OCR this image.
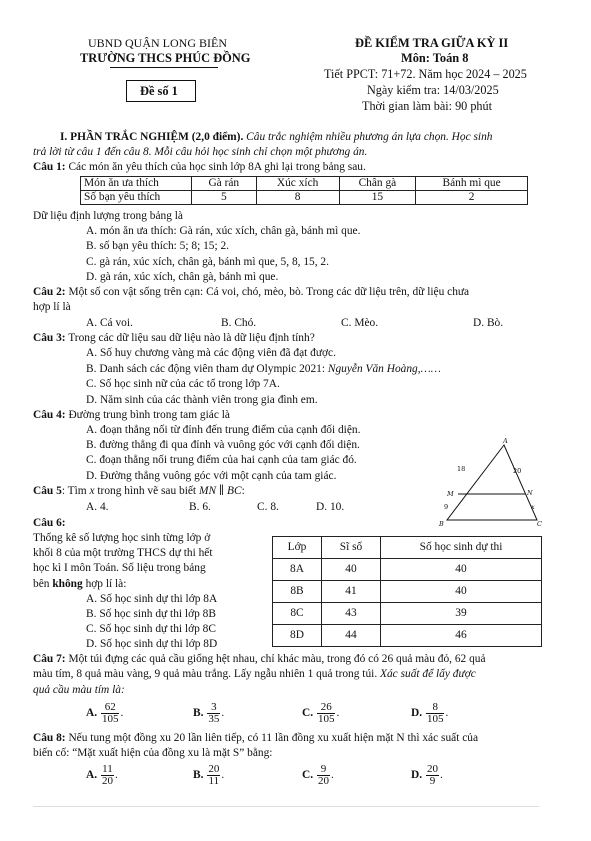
UBND QUẬN LONG BIÊN
TRƯỜNG THCS PHÚC ĐỒNG
Đề số 1
ĐỀ KIỂM TRA GIỮA KỲ II
Môn: Toán 8
Tiết PPCT: 71+72. Năm học 2024 – 2025
Ngày kiểm tra: 14/03/2025
Thời gian làm bài: 90 phút
I. PHẦN TRẮC NGHIỆM (2,0 điểm). Câu trắc nghiệm nhiều phương án lựa chọn. Học sinh
trả lời từ câu 1 đến câu 8. Mỗi câu hỏi học sinh chỉ chọn một phương án.
Câu 1: Các món ăn yêu thích của học sinh lớp 8A ghi lại trong bảng sau.
Món ăn ưa thích	Gà rán	Xúc xích	Chân gà	Bánh mì que
Số bạn yêu thích	5	8	15	2
Dữ liệu định lượng trong bảng là
A. món ăn ưa thích: Gà rán, xúc xích, chân gà, bánh mì que.
B. số bạn yêu thích: 5; 8; 15; 2.
C. gà rán, xúc xích, chân gà, bánh mì que, 5, 8, 15, 2.
D. gà rán, xúc xích, chân gà, bánh mì que.
Câu 2: Một số con vật sống trên cạn: Cá voi, chó, mèo, bò. Trong các dữ liệu trên, dữ liệu chưa
hợp lí là
A. Cá voi.	B. Chó.	C. Mèo.	D. Bò.
Câu 3: Trong các dữ liệu sau dữ liệu nào là dữ liệu định tính?
A. Số huy chương vàng mà các động viên đã đạt được.
B. Danh sách các động viên tham dự Olympic 2021: Nguyễn Văn Hoàng,……
C. Số học sinh nữ của các tổ trong lớp 7A.
D. Năm sinh của các thành viên trong gia đình em.
Câu 4: Đường trung bình trong tam giác là
A. đoạn thẳng nối từ đỉnh đến trung điểm của cạnh đối diện.
B. đường thẳng đi qua đỉnh và vuông góc với cạnh đối diện.
C. đoạn thẳng nối trung điểm của hai cạnh của tam giác đó.
D. Đường thẳng vuông góc với một cạnh của tam giác.
Câu 5: Tìm x trong hình vẽ sau biết MN ∥ BC:
A. 4.	B. 6.	C. 8.	D. 10.
A
M	N
B	C
18	20
9	x
Câu 6:
Thống kê số lượng học sinh từng lớp ở
khối 8 của một trường THCS dự thi hết
học kì I môn Toán. Số liệu trong bảng
bên không hợp lí là:
A. Số học sinh dự thi lớp 8A
B. Số học sinh dự thi lớp 8B
C. Số học sinh dự thi lớp 8C
D. Số học sinh dự thi lớp 8D
Lớp	Sĩ số	Số học sinh dự thi
8A	40	40
8B	41	40
8C	43	39
8D	44	46
Câu 7: Một túi đựng các quả cầu giống hệt nhau, chỉ khác màu, trong đó có 26 quả màu đỏ, 62 quả
màu tím, 8 quả màu vàng, 9 quả màu trắng. Lấy ngẫu nhiên 1 quả trong túi. Xác suất để lấy được
quả cầu màu tím là:
A. $\frac{62}{105}$ .	B. $\frac{3}{35}$ .	C. $\frac{26}{105}$ .	D. $\frac{8}{105}$ .
Câu 8: Nếu tung một đồng xu 20 lần liên tiếp, có 11 lần đồng xu xuất hiện mặt N thì xác suất của
biến cố: “Mặt xuất hiện của đồng xu là mặt S” bằng:
A. $\frac{11}{20}$ .	B. $\frac{20}{11}$ .	C. $\frac{9}{20}$ .	D. $\frac{20}{9}$ .
